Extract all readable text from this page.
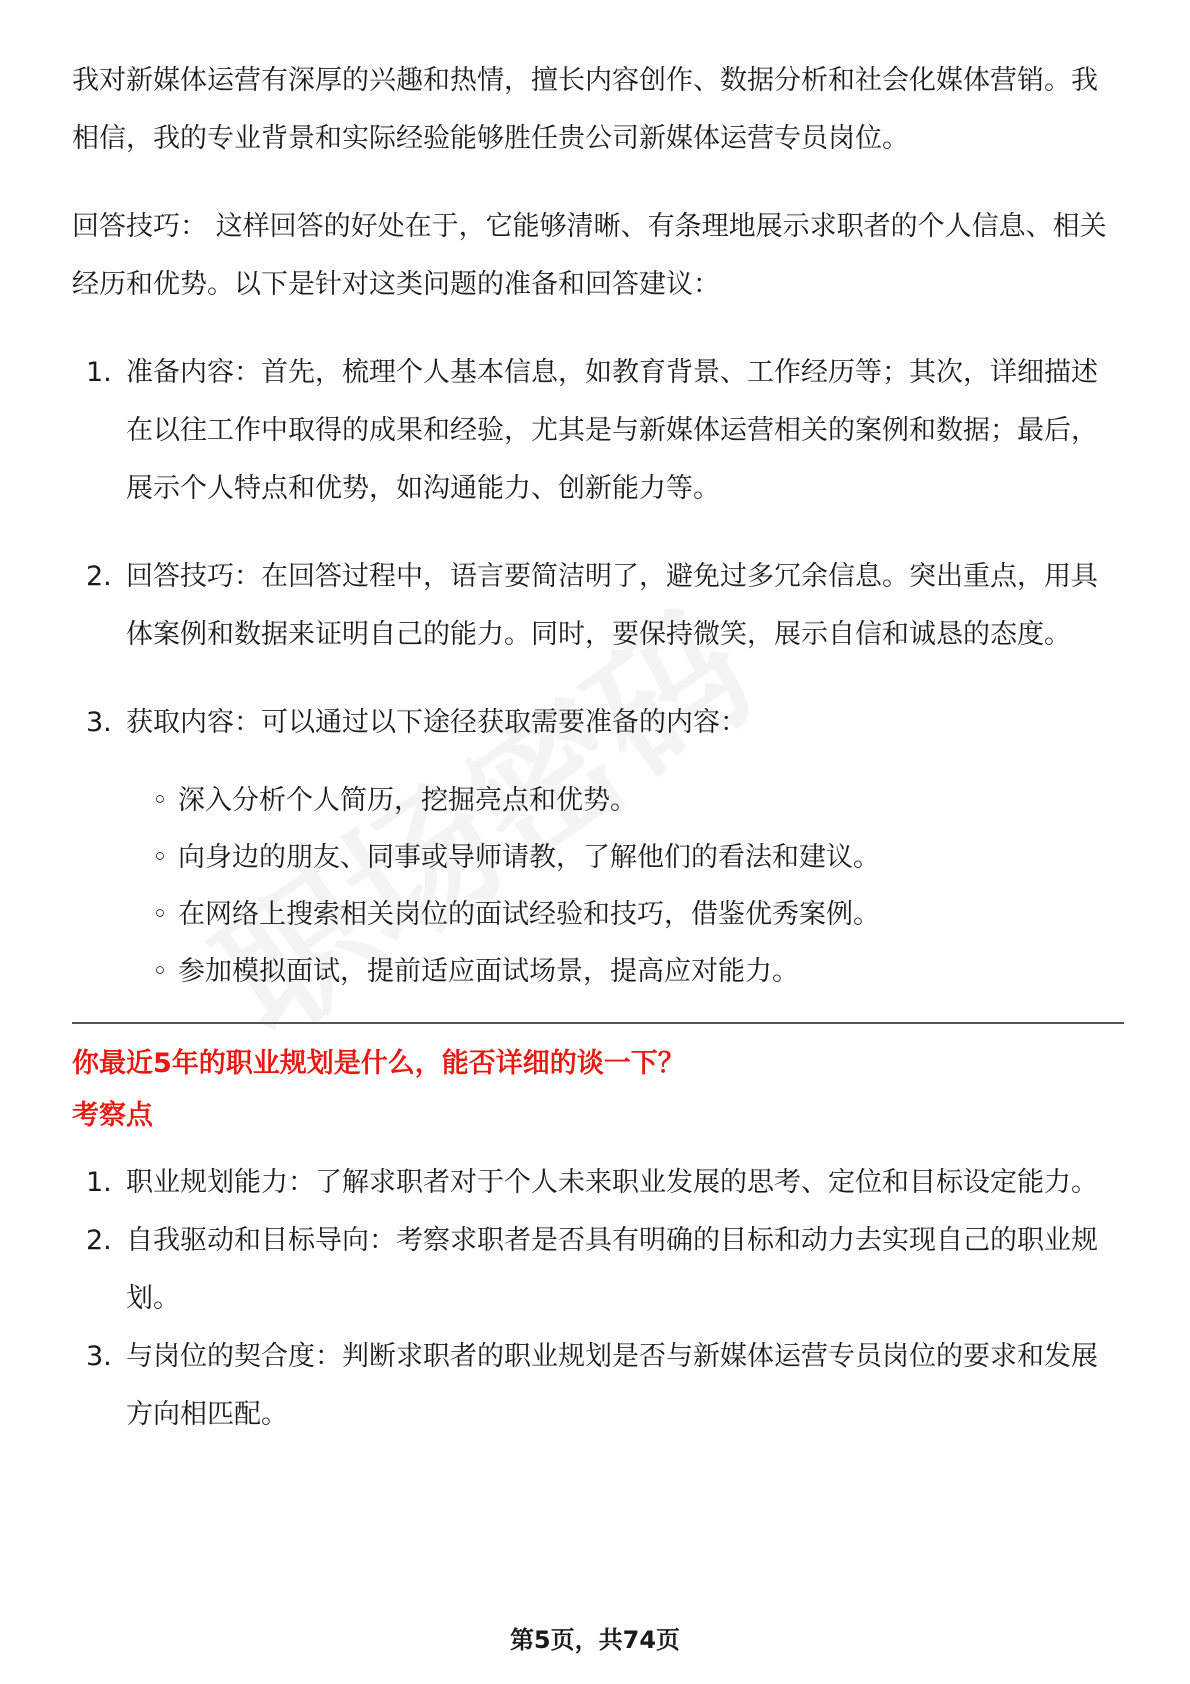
我对新媒体运营有深厚的兴趣和热情，擅长内容创作、数据分析和社会化媒体营销。我相信，我的专业背景和实际经验能够胜任贵公司新媒体运营专员岗位。

回答技巧： 这样回答的好处在于，它能够清晰、有条理地展示求职者的个人信息、相关经历和优势。以下是针对这类问题的准备和回答建议：

1. 准备内容：首先，梳理个人基本信息，如教育背景、工作经历等；其次，详细描述在以往工作中取得的成果和经验，尤其是与新媒体运营相关的案例和数据；最后，展示个人特点和优势，如沟通能力、创新能力等。
2. 回答技巧：在回答过程中，语言要简洁明了，避免过多冗余信息。突出重点，用具体案例和数据来证明自己的能力。同时，要保持微笑，展示自信和诚恳的态度。
3. 获取内容：可以通过以下途径获取需要准备的内容：
◦ 深入分析个人简历，挖掘亮点和优势。
◦ 向身边的朋友、同事或导师请教，了解他们的看法和建议。
◦ 在网络上搜索相关岗位的面试经验和技巧，借鉴优秀案例。
◦ 参加模拟面试，提前适应面试场景，提高应对能力。

你最近5年的职业规划是什么，能否详细的谈一下？

考察点

1. 职业规划能力：了解求职者对于个人未来职业发展的思考、定位和目标设定能力。
2. 自我驱动和目标导向：考察求职者是否具有明确的目标和动力去实现自己的职业规划。
3. 与岗位的契合度：判断求职者的职业规划是否与新媒体运营专员岗位的要求和发展方向相匹配。
第5页，共74页
